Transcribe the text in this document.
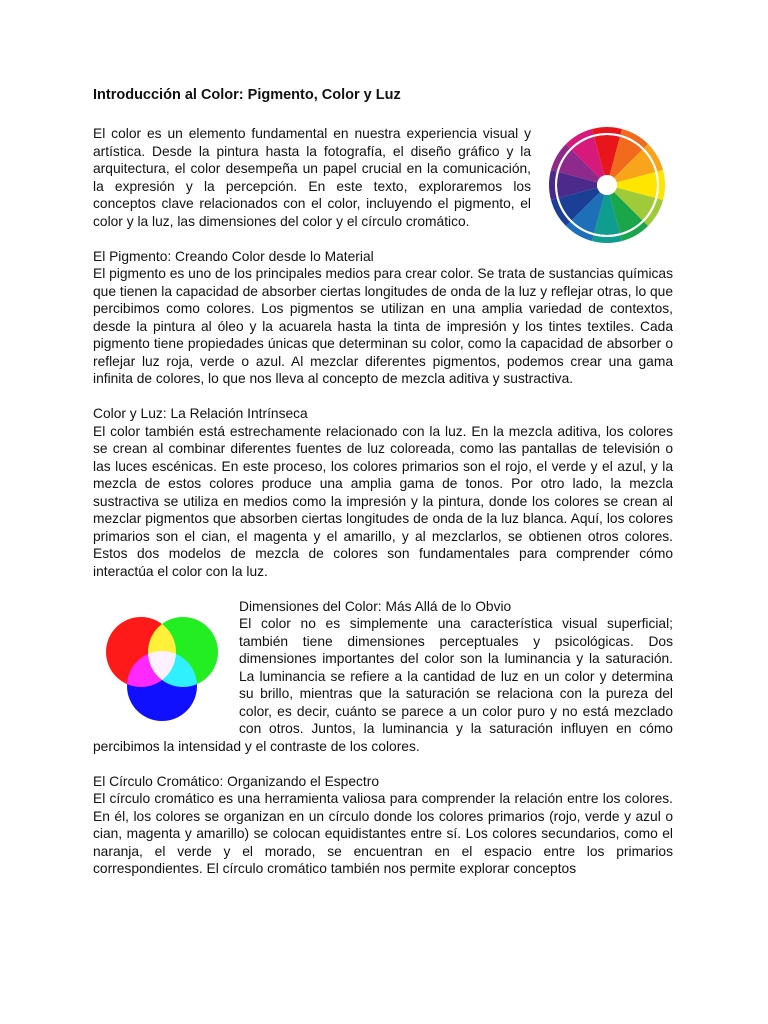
Introducción al Color: Pigmento, Color y Luz

El color es un elemento fundamental en nuestra experiencia visual y artística. Desde la pintura hasta la fotografía, el diseño gráfico y la arquitectura, el color desempeña un papel crucial en la comunicación, la expresión y la percepción. En este texto, exploraremos los conceptos clave relacionados con el color, incluyendo el pigmento, el color y la luz, las dimensiones del color y el círculo cromático.

El Pigmento: Creando Color desde lo Material

El pigmento es uno de los principales medios para crear color. Se trata de sustancias químicas que tienen la capacidad de absorber ciertas longitudes de onda de la luz y reflejar otras, lo que percibimos como colores. Los pigmentos se utilizan en una amplia variedad de contextos, desde la pintura al óleo y la acuarela hasta la tinta de impresión y los tintes textiles. Cada pigmento tiene propiedades únicas que determinan su color, como la capacidad de absorber o reflejar luz roja, verde o azul. Al mezclar diferentes pigmentos, podemos crear una gama infinita de colores, lo que nos lleva al concepto de mezcla aditiva y sustractiva.

Color y Luz: La Relación Intrínseca

El color también está estrechamente relacionado con la luz. En la mezcla aditiva, los colores se crean al combinar diferentes fuentes de luz coloreada, como las pantallas de televisión o las luces escénicas. En este proceso, los colores primarios son el rojo, el verde y el azul, y la mezcla de estos colores produce una amplia gama de tonos. Por otro lado, la mezcla sustractiva se utiliza en medios como la impresión y la pintura, donde los colores se crean al mezclar pigmentos que absorben ciertas longitudes de onda de la luz blanca. Aquí, los colores primarios son el cian, el magenta y el amarillo, y al mezclarlos, se obtienen otros colores. Estos dos modelos de mezcla de colores son fundamentales para comprender cómo interactúa el color con la luz.

Dimensiones del Color: Más Allá de lo Obvio

El color no es simplemente una característica visual superficial; también tiene dimensiones perceptuales y psicológicas. Dos dimensiones importantes del color son la luminancia y la saturación. La luminancia se refiere a la cantidad de luz en un color y determina su brillo, mientras que la saturación se relaciona con la pureza del color, es decir, cuánto se parece a un color puro y no está mezclado con otros. Juntos, la luminancia y la saturación influyen en cómo percibimos la intensidad y el contraste de los colores.

El Círculo Cromático: Organizando el Espectro

El círculo cromático es una herramienta valiosa para comprender la relación entre los colores. En él, los colores se organizan en un círculo donde los colores primarios (rojo, verde y azul o cian, magenta y amarillo) se colocan equidistantes entre sí. Los colores secundarios, como el naranja, el verde y el morado, se encuentran en el espacio entre los primarios correspondientes. El círculo cromático también nos permite explorar conceptos
